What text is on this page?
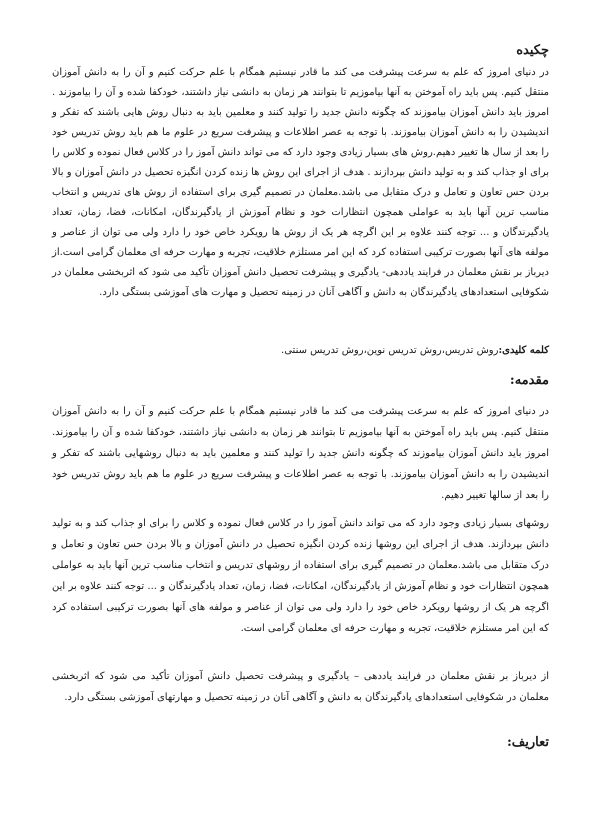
چکیده

در دنیای امروز که علم به سرعت پیشرفت می کند ما قادر نیستیم همگام با علم حرکت کنیم و آن را به دانش آموزان منتقل کنیم. پس باید راه آموختن به آنها بیاموزیم تا بتوانند هر زمان به دانشی نیاز داشتند، خودکفا شده و آن را بیاموزند . امروز باید دانش آموزان بیاموزند که چگونه دانش جدید را تولید کنند و معلمین باید به دنبال روش هایی باشند که تفکر و اندیشیدن را به دانش آموزان بیاموزند. با توجه به عصر اطلاعات و پیشرفت سریع در علوم ما هم باید روش تدریس خود را بعد از سال ها تغییر دهیم.روش های بسیار زیادی وجود دارد که می تواند دانش آموز را در کلاس فعال نموده و کلاس را برای او جذاب کند و به تولید دانش بپردازند . هدف از اجرای این روش ها زنده کردن انگیزه تحصیل در دانش آموزان و بالا بردن حس تعاون و تعامل و درک متقابل می باشد.معلمان در تصمیم گیری برای استفاده از روش های تدریس و انتخاب مناسب ترین آنها باید به عواملی همچون انتظارات خود و نظام آموزش از یادگیرندگان، امکانات، فضا، زمان، تعداد یادگیرندگان و ... توجه کنند علاوه بر این اگرچه هر یک از روش ها رویکرد خاص خود را دارد ولی می توان از عناصر و مولفه های آنها بصورت ترکیبی استفاده کرد که این امر مستلزم خلاقیت، تجربه و مهارت حرفه ای معلمان گرامی است.از دیرباز بر نقش معلمان در فرایند یاددهی- یادگیری و پیشرفت تحصیل دانش آموزان تأکید می شود که اثربخشی معلمان در شکوفایی استعدادهای یادگیرندگان به دانش و آگاهی آنان در زمینه تحصیل و مهارت های آموزشی بستگی دارد.

کلمه کلیدی:روش تدریس،روش تدریس نوین،روش تدریس سنتی.
مقدمه:

در دنیای امروز که علم به سرعت پیشرفت می کند ما قادر نیستیم همگام با علم حرکت کنیم و آن را به دانش آموزان منتقل کنیم. پس باید راه آموختن به آنها بیاموزیم تا بتوانند هر زمان به دانشی نیاز داشتند، خودکفا شده و آن را بیاموزند. امروز باید دانش آموزان بیاموزند که چگونه دانش جدید را تولید کنند و معلمین باید به دنبال روشهایی باشند که تفکر و اندیشیدن را به دانش آموزان بیاموزند. با توجه به عصر اطلاعات و پیشرفت سریع در علوم ما هم باید روش تدریس خود را بعد از سالها تغییر دهیم.

روشهای بسیار زیادی وجود دارد که می تواند دانش آموز را در کلاس فعال نموده و کلاس را برای او جذاب کند و به تولید دانش بپردازند. هدف از اجرای این روشها زنده کردن انگیزه تحصیل در دانش آموزان و بالا بردن حس تعاون و تعامل و درک متقابل می باشد.معلمان در تصمیم گیری برای استفاده از روشهای تدریس و انتخاب مناسب ترین آنها باید به عواملی همچون انتظارات خود و نظام آموزش از یادگیرندگان، امکانات، فضا، زمان، تعداد یادگیرندگان و ... توجه کنند علاوه بر این اگرچه هر یک از روشها رویکرد خاص خود را دارد ولی می توان از عناصر و مولفه های آنها بصورت ترکیبی استفاده کرد که این امر مستلزم خلاقیت، تجربه و مهارت حرفه ای معلمان گرامی است.

از دیرباز بر نقش معلمان در فرایند یاددهی – یادگیری و پیشرفت تحصیل دانش آموزان تأکید می شود که اثربخشی معلمان در شکوفایی استعدادهای یادگیرندگان به دانش و آگاهی آنان در زمینه تحصیل و مهارتهای آموزشی بستگی دارد.

تعاریف:
